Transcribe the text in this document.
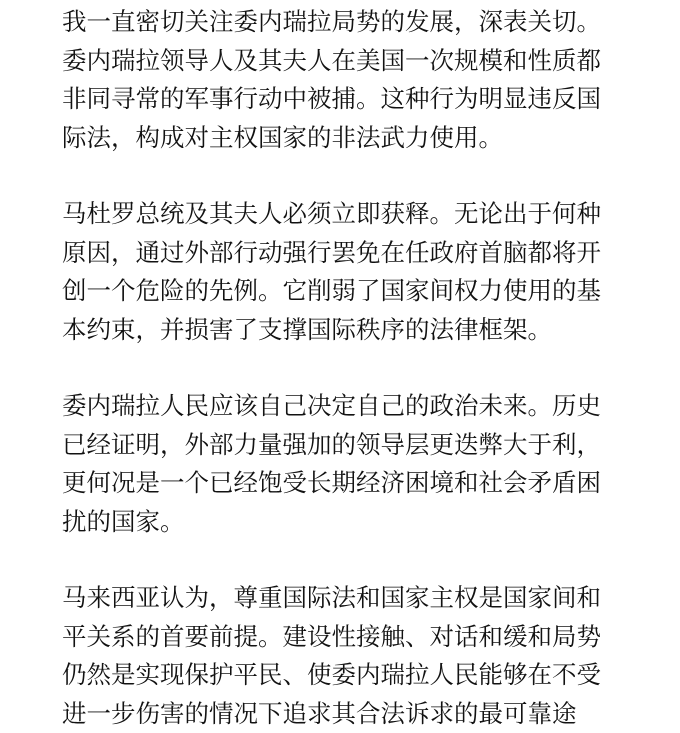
我一直密切关注委内瑞拉局势的发展，深表关切。
委内瑞拉领导人及其夫人在美国一次规模和性质都
非同寻常的军事行动中被捕。这种行为明显违反国
际法，构成对主权国家的非法武力使用。
马杜罗总统及其夫人必须立即获释。无论出于何种
原因，通过外部行动强行罢免在任政府首脑都将开
创一个危险的先例。它削弱了国家间权力使用的基
本约束，并损害了支撑国际秩序的法律框架。
委内瑞拉人民应该自己决定自己的政治未来。历史
已经证明，外部力量强加的领导层更迭弊大于利，
更何况是一个已经饱受长期经济困境和社会矛盾困
扰的国家。
马来西亚认为，尊重国际法和国家主权是国家间和
平关系的首要前提。建设性接触、对话和缓和局势
仍然是实现保护平民、使委内瑞拉人民能够在不受
进一步伤害的情况下追求其合法诉求的最可靠途
